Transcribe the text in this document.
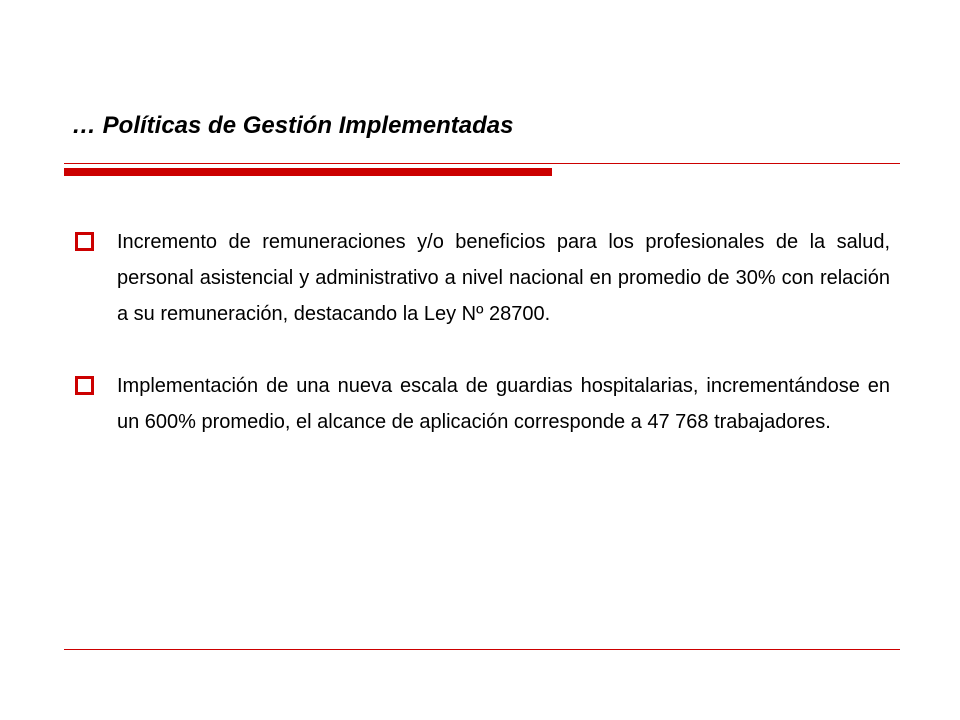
… Políticas de Gestión Implementadas
Incremento de remuneraciones y/o beneficios para los profesionales de la salud, personal asistencial y administrativo a nivel nacional en promedio de 30% con relación a su remuneración, destacando la Ley Nº 28700.
Implementación de una nueva escala de guardias hospitalarias, incrementándose en un 600% promedio, el alcance de aplicación corresponde a 47 768 trabajadores.
